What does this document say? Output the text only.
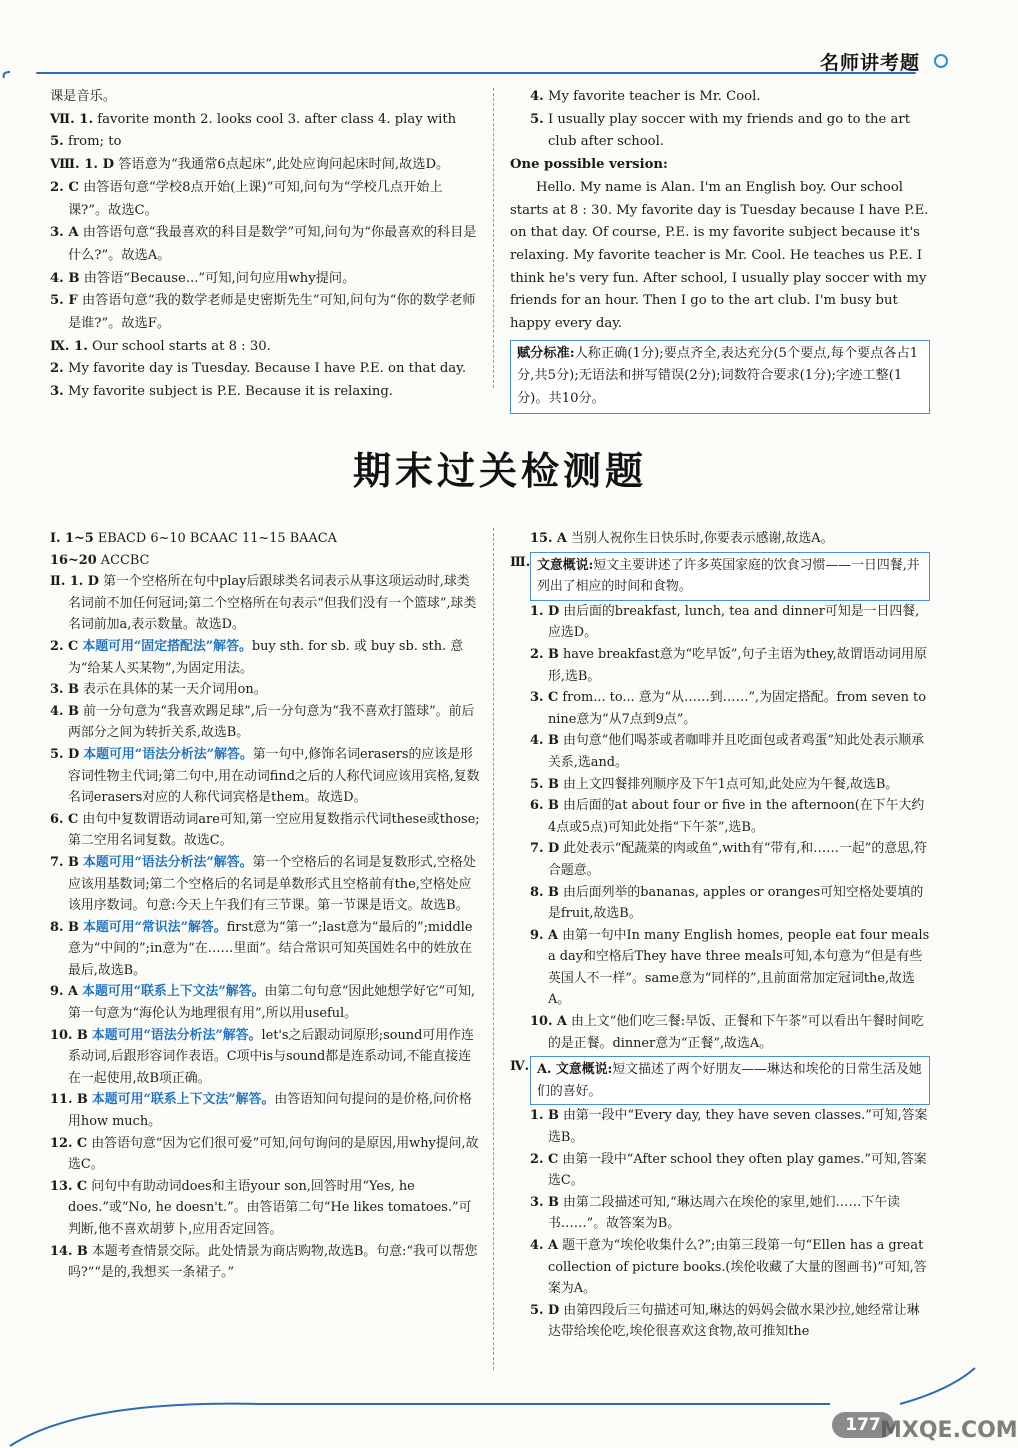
名师讲考题

课是音乐。

Ⅶ. 1. favorite month 2. looks cool 3. after class 4. play with

5. from; to

Ⅷ. 1. D 答语意为“我通常6点起床”,此处应询问起床时间,故选D。

2. C 由答语句意“学校8点开始(上课)”可知,问句为“学校几点开始上课?”。故选C。

3. A 由答语句意“我最喜欢的科目是数学”可知,问句为“你最喜欢的科目是什么?”。故选A。

4. B 由答语“Because...”可知,问句应用why提问。

5. F 由答语句意“我的数学老师是史密斯先生”可知,问句为“你的数学老师是谁?”。故选F。

Ⅸ. 1. Our school starts at 8 : 30.

2. My favorite day is Tuesday. Because I have P.E. on that day.

3. My favorite subject is P.E. Because it is relaxing.

4. My favorite teacher is Mr. Cool.

5. I usually play soccer with my friends and go to the art club after school.

One possible version:

Hello. My name is Alan. I'm an English boy. Our school starts at 8 : 30. My favorite day is Tuesday because I have P.E. on that day. Of course, P.E. is my favorite subject because it's relaxing. My favorite teacher is Mr. Cool. He teaches us P.E. I think he's very fun. After school, I usually play soccer with my friends for an hour. Then I go to the art club. I'm busy but happy every day.

赋分标准:人称正确(1分);要点齐全,表达充分(5个要点,每个要点各占1分,共5分);无语法和拼写错误(2分);词数符合要求(1分);字迹工整(1分)。共10分。
期末过关检测题

Ⅰ. 1~5 EBACD 6~10 BCAAC 11~15 BAACA

16~20 ACCBC

Ⅱ. 1. D 第一个空格所在句中play后跟球类名词表示从事这项运动时,球类名词前不加任何冠词;第二个空格所在句表示“但我们没有一个篮球”,球类名词前加a,表示数量。故选D。

2. C 本题可用“固定搭配法”解答。buy sth. for sb. 或 buy sb. sth. 意为“给某人买某物”,为固定用法。

3. B 表示在具体的某一天介词用on。

4. B 前一分句意为“我喜欢踢足球”,后一分句意为“我不喜欢打篮球”。前后两部分之间为转折关系,故选B。

5. D 本题可用“语法分析法”解答。第一句中,修饰名词erasers的应该是形容词性物主代词;第二句中,用在动词find之后的人称代词应该用宾格,复数名词erasers对应的人称代词宾格是them。故选D。

6. C 由句中复数谓语动词are可知,第一空应用复数指示代词these或those;第二空用名词复数。故选C。

7. B 本题可用“语法分析法”解答。第一个空格后的名词是复数形式,空格处应该用基数词;第二个空格后的名词是单数形式且空格前有the,空格处应该用序数词。句意:今天上午我们有三节课。第一节课是语文。故选B。

8. B 本题可用“常识法”解答。first意为“第一”;last意为“最后的”;middle意为“中间的”;in意为“在……里面”。结合常识可知英国姓名中的姓放在最后,故选B。

9. A 本题可用“联系上下文法”解答。由第二句句意“因此她想学好它”可知,第一句意为“海伦认为地理很有用”,所以用useful。

10. B 本题可用“语法分析法”解答。let's之后跟动词原形;sound可用作连系动词,后跟形容词作表语。C项中is与sound都是连系动词,不能直接连在一起使用,故B项正确。

11. B 本题可用“联系上下文法”解答。由答语知问句提问的是价格,问价格用how much。

12. C 由答语句意“因为它们很可爱”可知,问句询问的是原因,用why提问,故选C。

13. C 问句中有助动词does和主语your son,回答时用“Yes, he does.”或“No, he doesn't.”。由答语第二句“He likes tomatoes.”可判断,他不喜欢胡萝卜,应用否定回答。

14. B 本题考查情景交际。此处情景为商店购物,故选B。句意:“我可以帮您吗?”“是的,我想买一条裙子。”

15. A 当别人祝你生日快乐时,你要表示感谢,故选A。

Ⅲ. 文意概说:短文主要讲述了许多英国家庭的饮食习惯——一日四餐,并列出了相应的时间和食物。

1. D 由后面的breakfast, lunch, tea and dinner可知是一日四餐,应选D。

2. B have breakfast意为“吃早饭”,句子主语为they,故谓语动词用原形,选B。

3. C from... to... 意为“从……到……”,为固定搭配。from seven to nine意为“从7点到9点”。

4. B 由句意“他们喝茶或者咖啡并且吃面包或者鸡蛋”知此处表示顺承关系,选and。

5. B 由上文四餐排列顺序及下午1点可知,此处应为午餐,故选B。

6. B 由后面的at about four or five in the afternoon(在下午大约4点或5点)可知此处指“下午茶”,选B。

7. D 此处表示“配蔬菜的肉或鱼”,with有“带有,和……一起”的意思,符合题意。

8. B 由后面列举的bananas, apples or oranges可知空格处要填的是fruit,故选B。

9. A 由第一句中In many English homes, people eat four meals a day和空格后They have three meals可知,本句意为“但是有些英国人不一样”。same意为“同样的”,且前面常加定冠词the,故选A。

10. A 由上文“他们吃三餐:早饭、正餐和下午茶”可以看出午餐时间吃的是正餐。dinner意为“正餐”,故选A。

Ⅳ. A. 文意概说:短文描述了两个好朋友——琳达和埃伦的日常生活及她们的喜好。

1. B 由第一段中“Every day, they have seven classes.”可知,答案选B。

2. C 由第一段中“After school they often play games.”可知,答案选C。

3. B 由第二段描述可知,“琳达周六在埃伦的家里,她们……下午读书……”。故答案为B。

4. A 题干意为“埃伦收集什么?”;由第三段第一句“Ellen has a great collection of picture books.(埃伦收藏了大量的图画书)”可知,答案为A。

5. D 由第四段后三句描述可知,琳达的妈妈会做水果沙拉,她经常让琳达带给埃伦吃,埃伦很喜欢这食物,故可推知the

177 MXQE.COM
